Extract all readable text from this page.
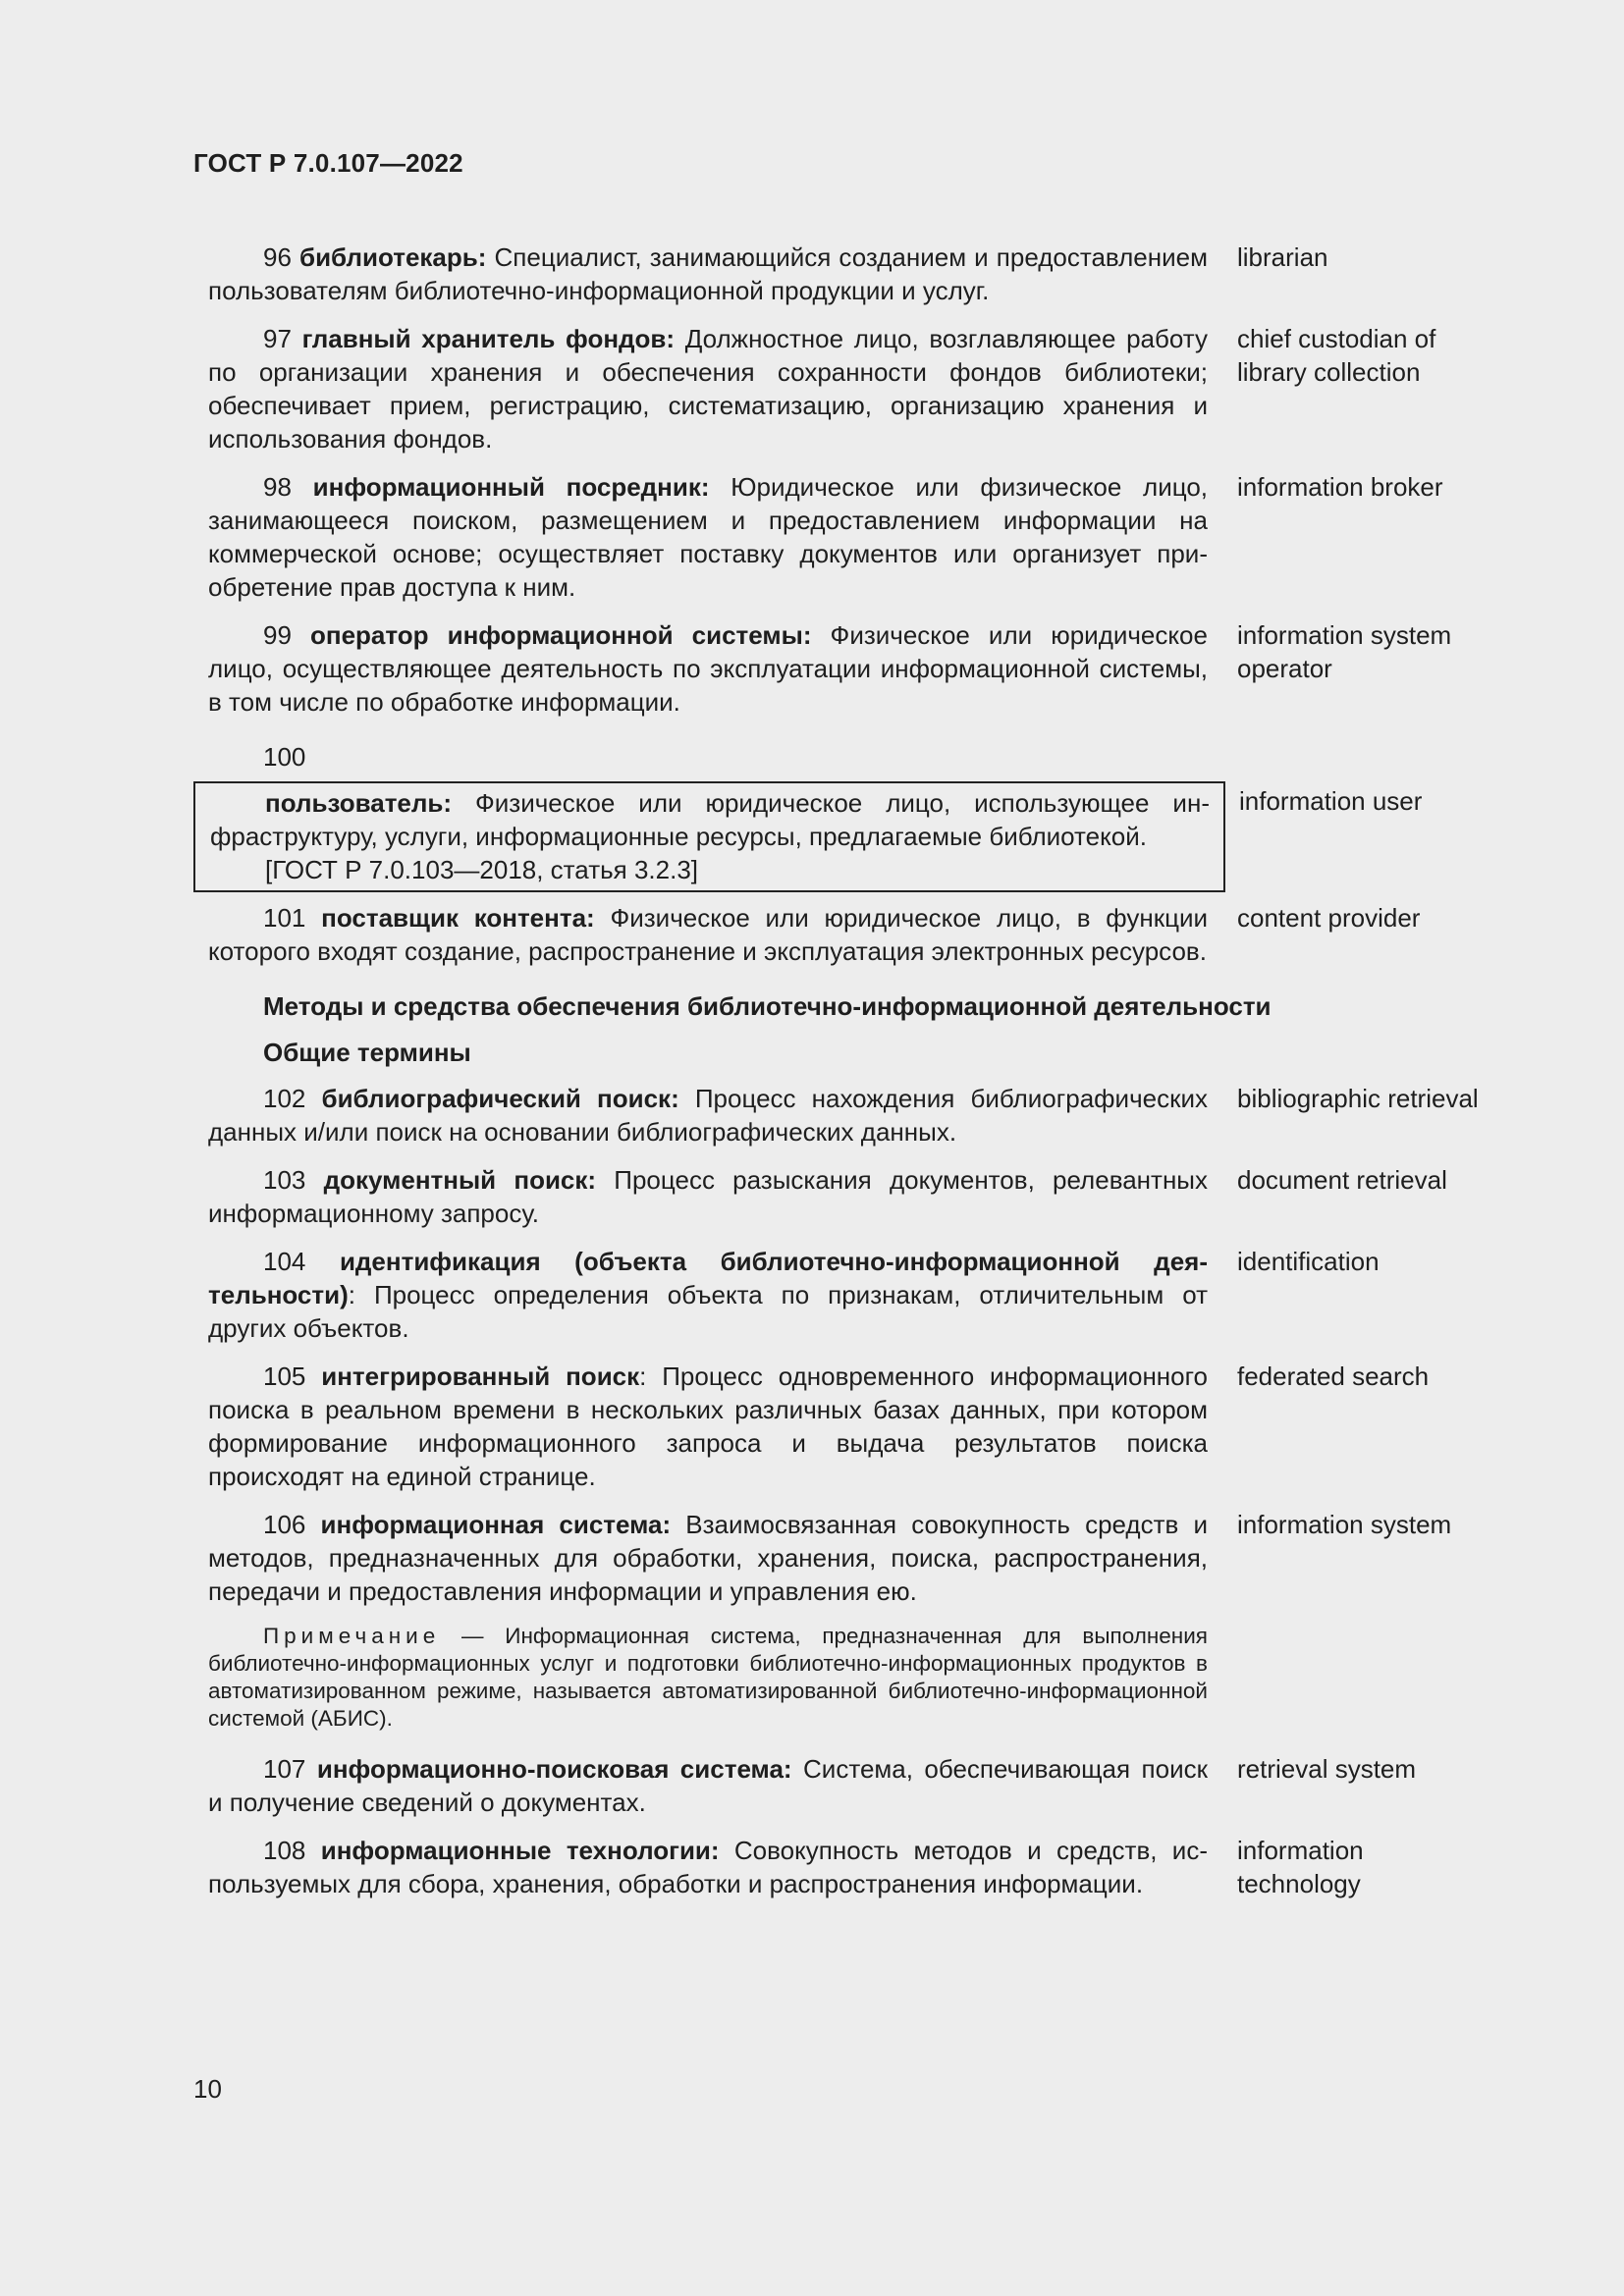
ГОСТ Р 7.0.107—2022
96 библиотекарь: Специалист, занимающийся созданием и предоставлением пользователям библиотечно-информационной продукции и услуг.
librarian
97 главный хранитель фондов: Должностное лицо, возглавляющее работу по организации хранения и обеспечения сохранности фондов библиотеки; обеспечивает прием, регистрацию, систематизацию, организацию хранения и использования фондов.
chief custodian of library collection
98 информационный посредник: Юридическое или физическое лицо, занимающееся поиском, размещением и предоставлением информации на коммерческой основе; осуществляет поставку документов или организует приобретение прав доступа к ним.
information broker
99 оператор информационной системы: Физическое или юридическое лицо, осуществляющее деятельность по эксплуатации информационной системы, в том числе по обработке информации.
information system operator
100
пользователь: Физическое или юридическое лицо, использующее инфраструктуру, услуги, информационные ресурсы, предлагаемые библиотекой.
[ГОСТ Р 7.0.103—2018, статья 3.2.3]
information user
101 поставщик контента: Физическое или юридическое лицо, в функции которого входят создание, распространение и эксплуатация электронных ресурсов.
content provider
Методы и средства обеспечения библиотечно-информационной деятельности
Общие термины
102 библиографический поиск: Процесс нахождения библиографических данных и/или поиск на основании библиографических данных.
bibliographic retrieval
103 документный поиск: Процесс разыскания документов, релевантных информационному запросу.
document retrieval
104 идентификация (объекта библиотечно-информационной деятельности): Процесс определения объекта по признакам, отличительным от других объектов.
identification
105 интегрированный поиск: Процесс одновременного информационного поиска в реальном времени в нескольких различных базах данных, при котором формирование информационного запроса и выдача результатов поиска происходят на единой странице.
federated search
106 информационная система: Взаимосвязанная совокупность средств и методов, предназначенных для обработки, хранения, поиска, распространения, передачи и предоставления информации и управления ею.
information system
Примечание — Информационная система, предназначенная для выполнения библиотечно-информационных услуг и подготовки библиотечно-информационных продуктов в автоматизированном режиме, называется автоматизированной библиотечно-информационной системой (АБИС).
107 информационно-поисковая система: Система, обеспечивающая поиск и получение сведений о документах.
retrieval system
108 информационные технологии: Совокупность методов и средств, используемых для сбора, хранения, обработки и распространения информации.
information technology
10
